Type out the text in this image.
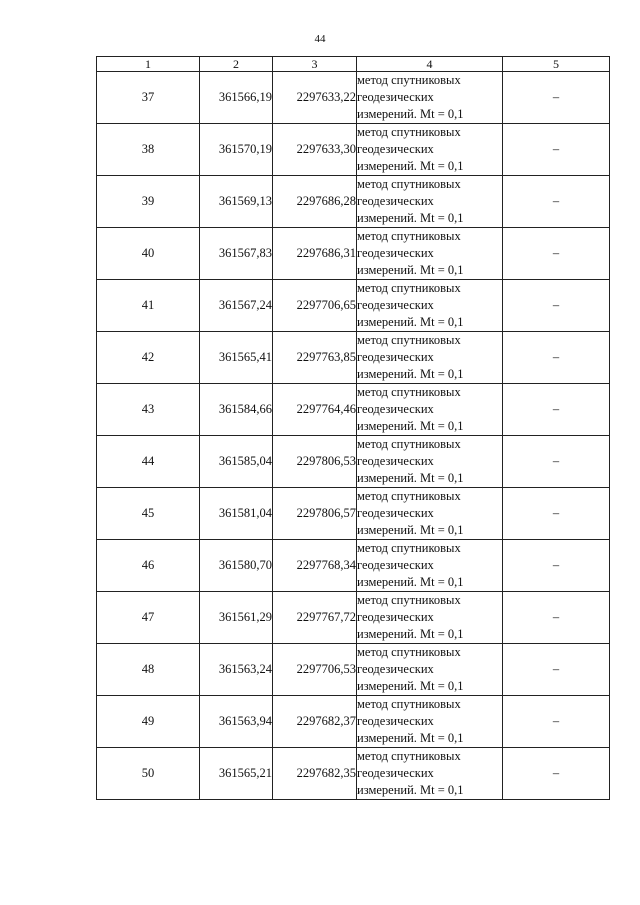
44
1	2	3	4	5
37	361566,19	2297633,22	метод спутниковых
геодезических
измерений. Mt = 0,1	–
38	361570,19	2297633,30	метод спутниковых
геодезических
измерений. Mt = 0,1	–
39	361569,13	2297686,28	метод спутниковых
геодезических
измерений. Mt = 0,1	–
40	361567,83	2297686,31	метод спутниковых
геодезических
измерений. Mt = 0,1	–
41	361567,24	2297706,65	метод спутниковых
геодезических
измерений. Mt = 0,1	–
42	361565,41	2297763,85	метод спутниковых
геодезических
измерений. Mt = 0,1	–
43	361584,66	2297764,46	метод спутниковых
геодезических
измерений. Mt = 0,1	–
44	361585,04	2297806,53	метод спутниковых
геодезических
измерений. Mt = 0,1	–
45	361581,04	2297806,57	метод спутниковых
геодезических
измерений. Mt = 0,1	–
46	361580,70	2297768,34	метод спутниковых
геодезических
измерений. Mt = 0,1	–
47	361561,29	2297767,72	метод спутниковых
геодезических
измерений. Mt = 0,1	–
48	361563,24	2297706,53	метод спутниковых
геодезических
измерений. Mt = 0,1	–
49	361563,94	2297682,37	метод спутниковых
геодезических
измерений. Mt = 0,1	–
50	361565,21	2297682,35	метод спутниковых
геодезических
измерений. Mt = 0,1	–
